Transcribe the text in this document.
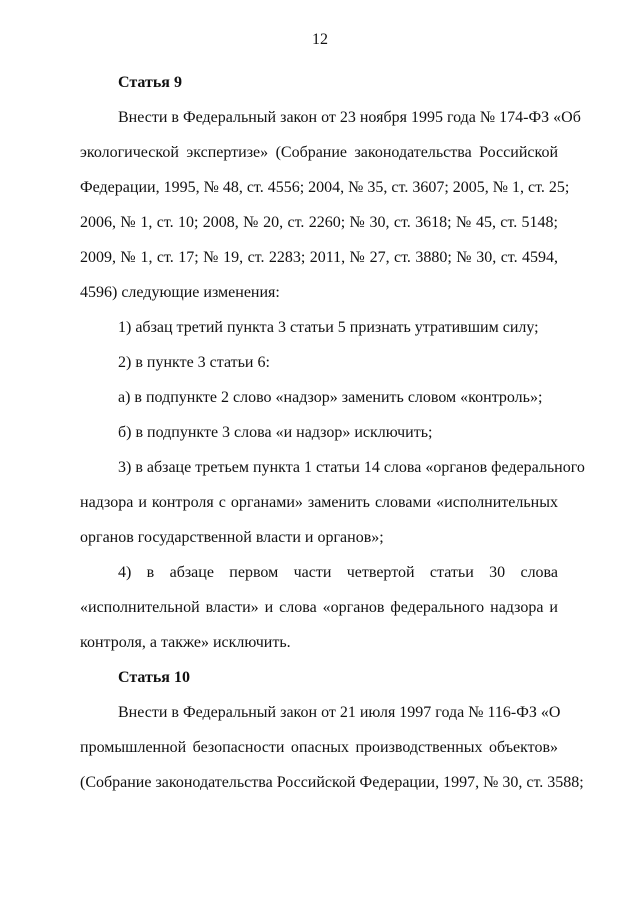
12
Статья 9
Внести в Федеральный закон от 23 ноября 1995 года № 174-ФЗ «Об
экологической экспертизе» (Собрание законодательства Российской
Федерации, 1995, № 48, ст. 4556; 2004, № 35, ст. 3607; 2005, № 1, ст. 25;
2006, № 1, ст. 10; 2008, № 20, ст. 2260; № 30, ст. 3618; № 45, ст. 5148;
2009, № 1, ст. 17; № 19, ст. 2283; 2011, № 27, ст. 3880; № 30, ст. 4594,
4596) следующие изменения:
1) абзац третий пункта 3 статьи 5 признать утратившим силу;
2) в пункте 3 статьи 6:
а) в подпункте 2 слово «надзор» заменить словом «контроль»;
б) в подпункте 3 слова «и надзор» исключить;
3) в абзаце третьем пункта 1 статьи 14 слова «органов федерального
надзора и контроля с органами» заменить словами «исполнительных
органов государственной власти и органов»;
4) в абзаце первом части четвертой статьи 30 слова
«исполнительной власти» и слова «органов федерального надзора и
контроля, а также» исключить.
Статья 10
Внести в Федеральный закон от 21 июля 1997 года № 116-ФЗ «О
промышленной безопасности опасных производственных объектов»
(Собрание законодательства Российской Федерации, 1997, № 30, ст. 3588;
